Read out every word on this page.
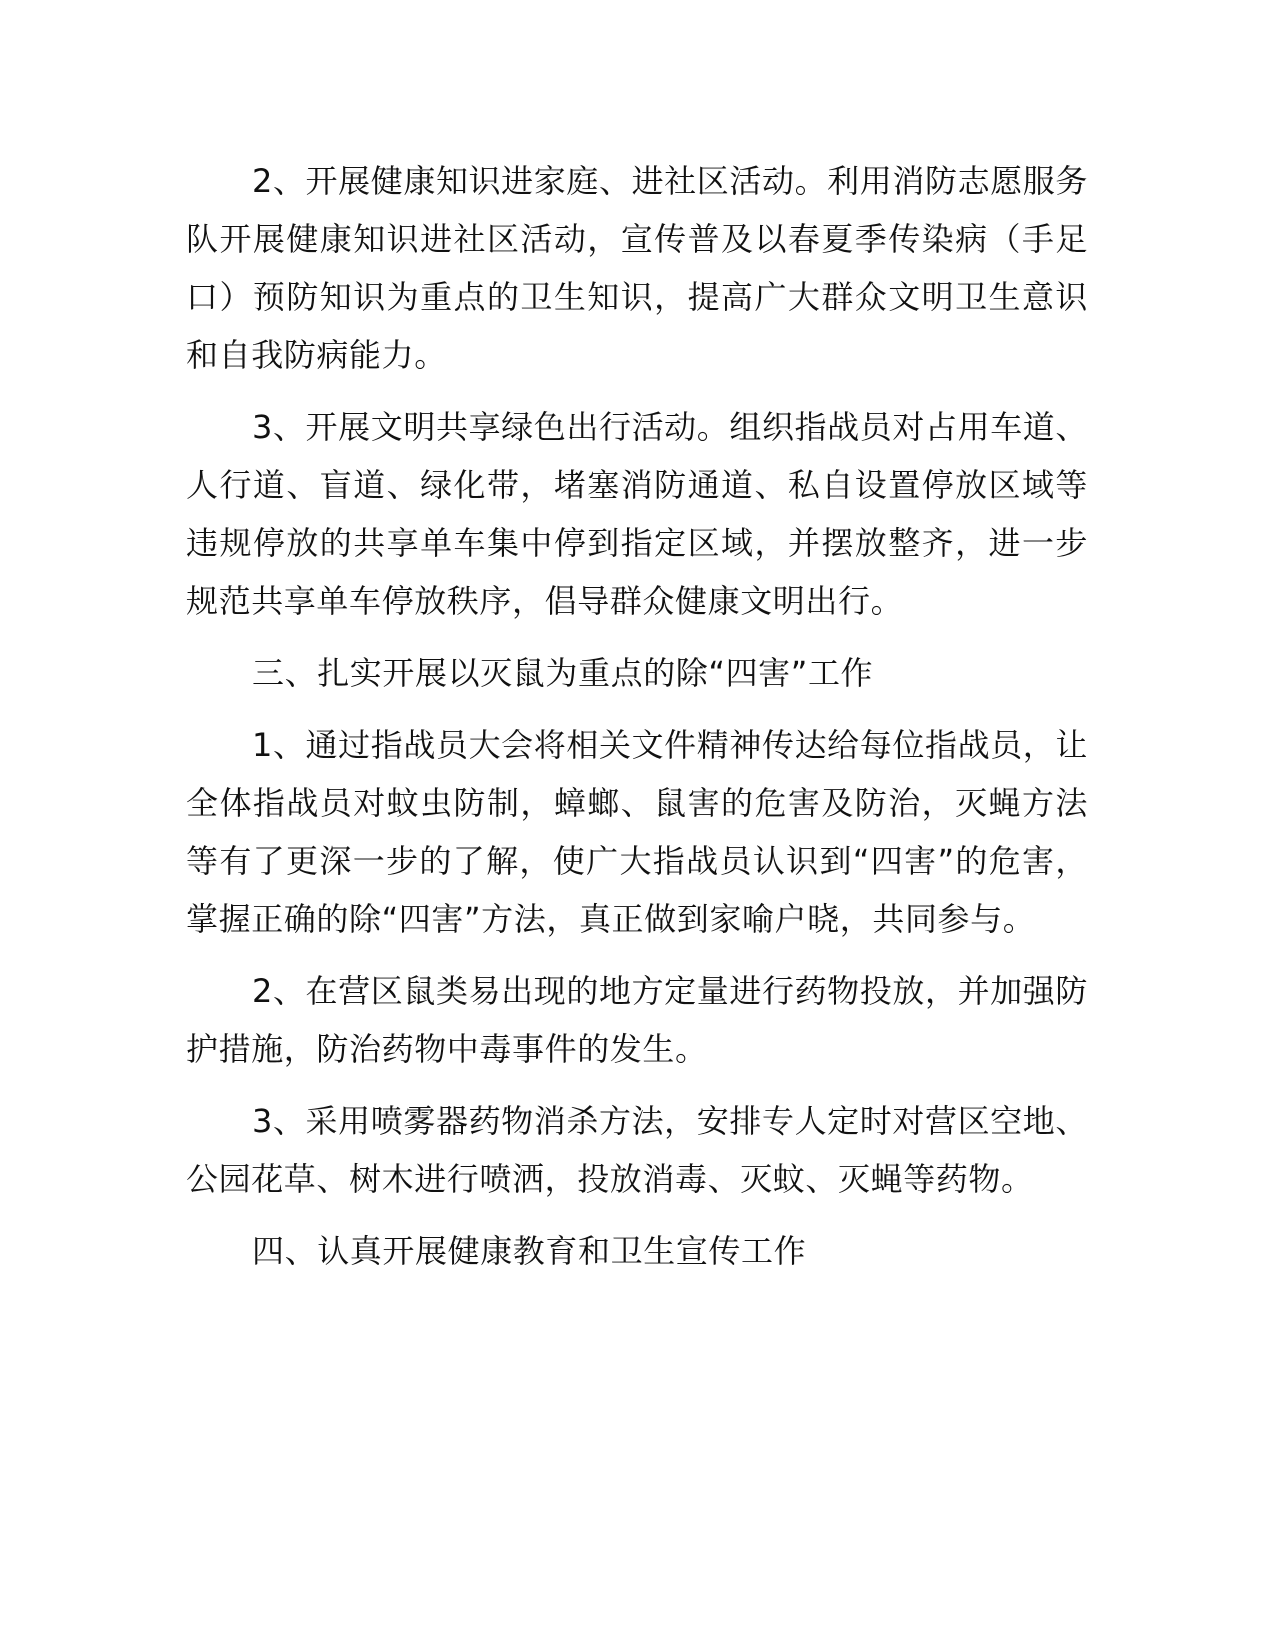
2、开展健康知识进家庭、进社区活动。利用消防志愿服务队开展健康知识进社区活动，宣传普及以春夏季传染病（手足口）预防知识为重点的卫生知识，提高广大群众文明卫生意识和自我防病能力。

3、开展文明共享绿色出行活动。组织指战员对占用车道、人行道、盲道、绿化带，堵塞消防通道、私自设置停放区域等违规停放的共享单车集中停到指定区域，并摆放整齐，进一步规范共享单车停放秩序，倡导群众健康文明出行。

三、扎实开展以灭鼠为重点的除“四害”工作

1、通过指战员大会将相关文件精神传达给每位指战员，让全体指战员对蚊虫防制，蟑螂、鼠害的危害及防治，灭蝇方法等有了更深一步的了解，使广大指战员认识到“四害”的危害，掌握正确的除“四害”方法，真正做到家喻户晓，共同参与。

2、在营区鼠类易出现的地方定量进行药物投放，并加强防护措施，防治药物中毒事件的发生。

3、采用喷雾器药物消杀方法，安排专人定时对营区空地、公园花草、树木进行喷洒，投放消毒、灭蚊、灭蝇等药物。

四、认真开展健康教育和卫生宣传工作
